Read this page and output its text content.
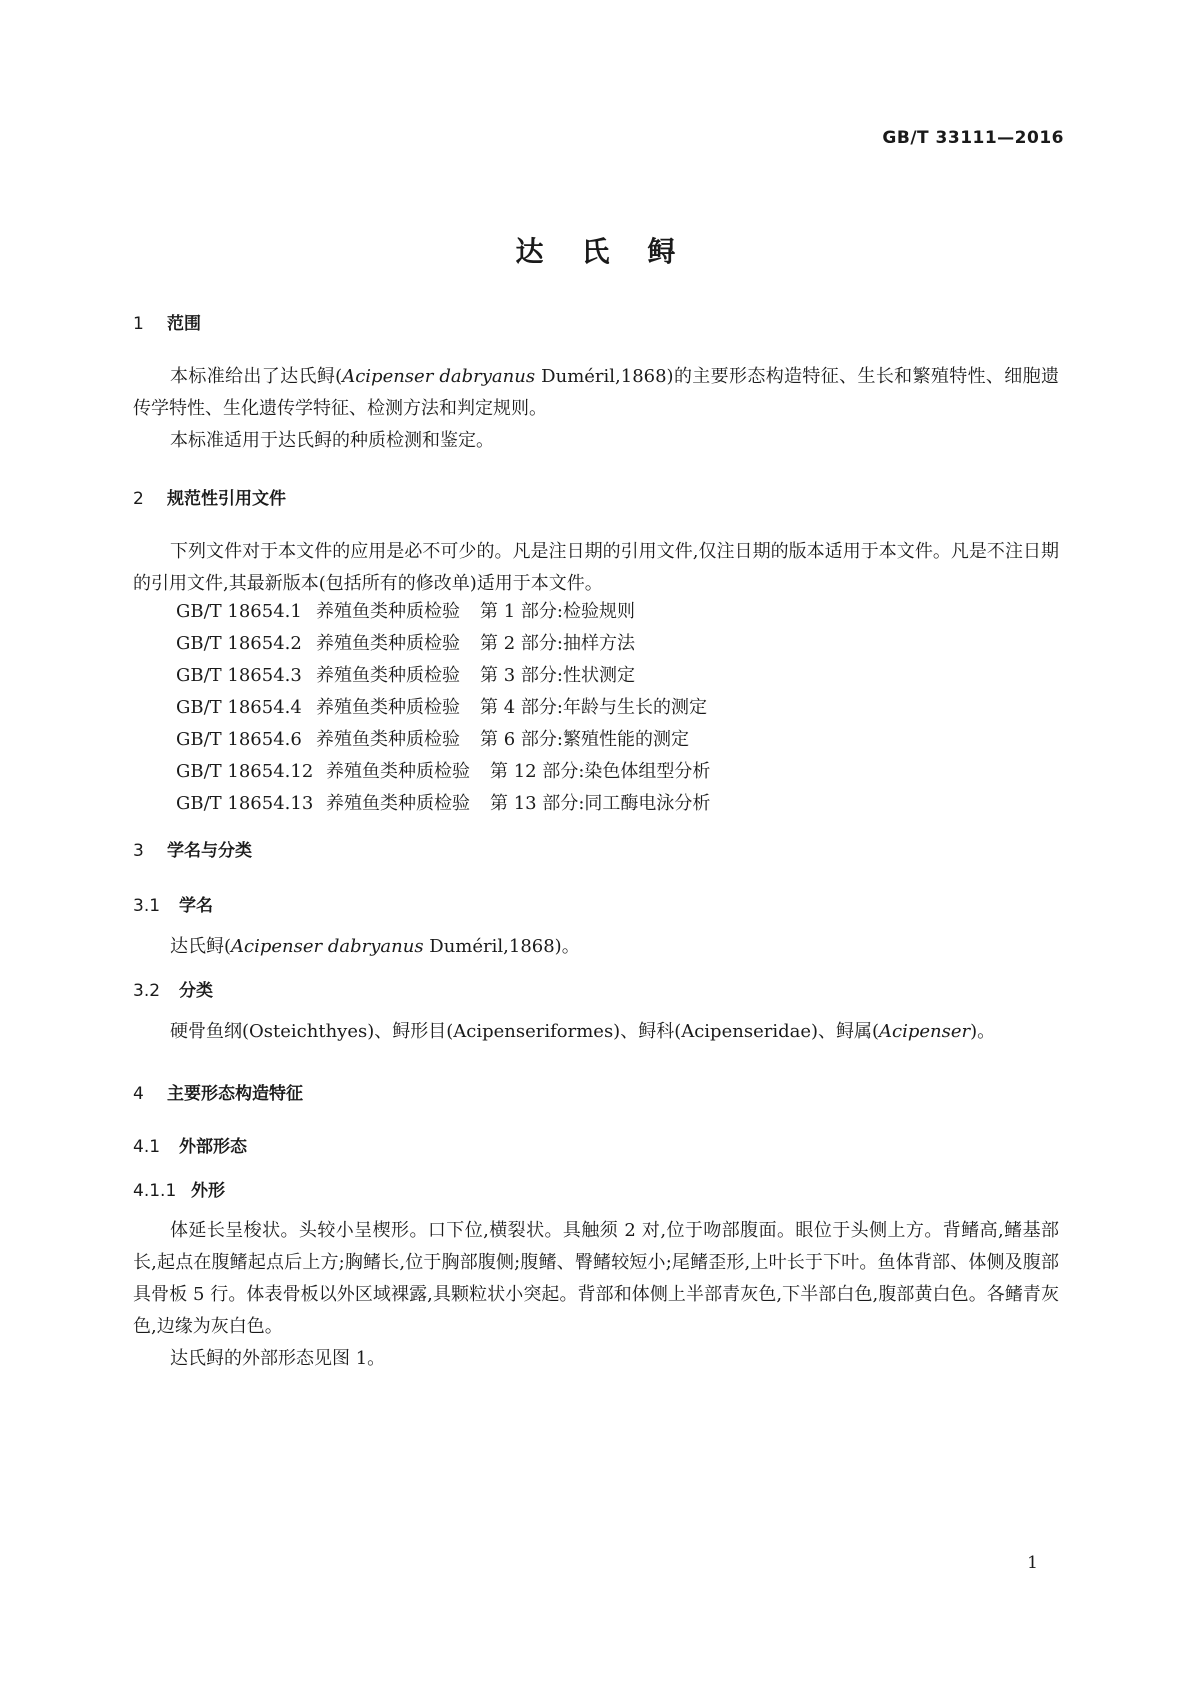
GB/T 33111—2016
达氏鲟
1 范围

本标准给出了达氏鲟(Acipenser dabryanus Duméril,1868)的主要形态构造特征、生长和繁殖特性、细胞遗传学特性、生化遗传学特征、检测方法和判定规则。

本标准适用于达氏鲟的种质检测和鉴定。

2 规范性引用文件

下列文件对于本文件的应用是必不可少的。凡是注日期的引用文件,仅注日期的版本适用于本文件。凡是不注日期的引用文件,其最新版本(包括所有的修改单)适用于本文件。

GB/T 18654.1 养殖鱼类种质检验 第 1 部分:检验规则
GB/T 18654.2 养殖鱼类种质检验 第 2 部分:抽样方法
GB/T 18654.3 养殖鱼类种质检验 第 3 部分:性状测定
GB/T 18654.4 养殖鱼类种质检验 第 4 部分:年龄与生长的测定
GB/T 18654.6 养殖鱼类种质检验 第 6 部分:繁殖性能的测定
GB/T 18654.12 养殖鱼类种质检验 第 12 部分:染色体组型分析
GB/T 18654.13 养殖鱼类种质检验 第 13 部分:同工酶电泳分析
3 学名与分类
3.1 学名

达氏鲟(Acipenser dabryanus Duméril,1868)。

3.2 分类

硬骨鱼纲(Osteichthyes)、鲟形目(Acipenseriformes)、鲟科(Acipenseridae)、鲟属(Acipenser)。

4 主要形态构造特征
4.1 外部形态
4.1.1 外形

体延长呈梭状。头较小呈楔形。口下位,横裂状。具触须 2 对,位于吻部腹面。眼位于头侧上方。背鳍高,鳍基部长,起点在腹鳍起点后上方;胸鳍长,位于胸部腹侧;腹鳍、臀鳍较短小;尾鳍歪形,上叶长于下叶。鱼体背部、体侧及腹部具骨板 5 行。体表骨板以外区域裸露,具颗粒状小突起。背部和体侧上半部青灰色,下半部白色,腹部黄白色。各鳍青灰色,边缘为灰白色。

达氏鲟的外部形态见图 1。

1
